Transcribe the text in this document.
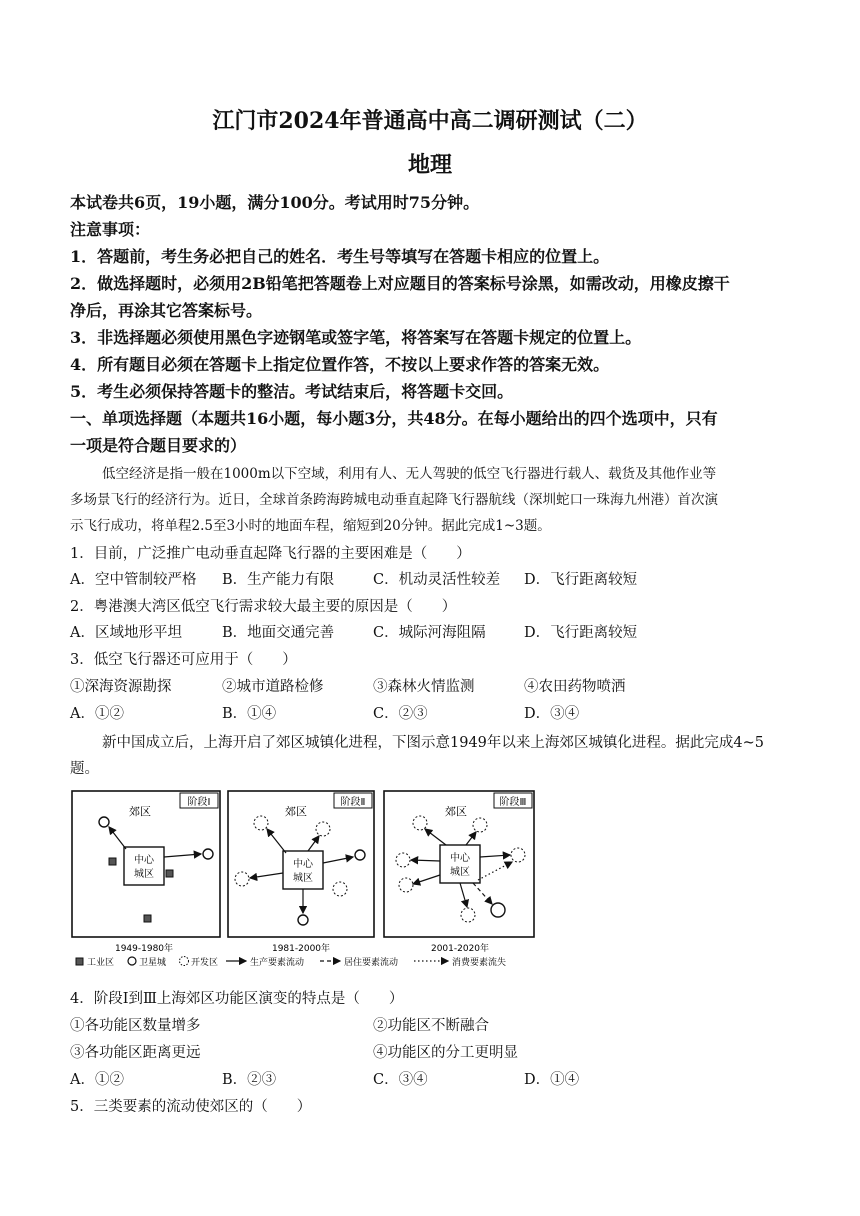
江门市2024年普通高中高二调研测试（二）
地理
本试卷共6页，19小题，满分100分。考试用时75分钟。
注意事项：
1．答题前，考生务必把自己的姓名．考生号等填写在答题卡相应的位置上。
2．做选择题时，必须用2B铅笔把答题卷上对应题目的答案标号涂黑，如需改动，用橡皮擦干
净后，再涂其它答案标号。
3．非选择题必须使用黑色字迹钢笔或签字笔，将答案写在答题卡规定的位置上。
4．所有题目必须在答题卡上指定位置作答，不按以上要求作答的答案无效。
5．考生必须保持答题卡的整洁。考试结束后，将答题卡交回。
一、单项选择题（本题共16小题，每小题3分，共48分。在每小题给出的四个选项中，只有
一项是符合题目要求的）
低空经济是指一般在1000m以下空域，利用有人、无人驾驶的低空飞行器进行载人、载货及其他作业等
多场景飞行的经济行为。近日，全球首条跨海跨城电动垂直起降飞行器航线（深圳蛇口一珠海九州港）首次演
示飞行成功，将单程2.5至3小时的地面车程，缩短到20分钟。据此完成1~3题。
1．目前，广泛推广电动垂直起降飞行器的主要困难是（　　）
A．空中管制较严格 B．生产能力有限	C．机动灵活性较差 D．飞行距离较短
2．粤港澳大湾区低空飞行需求较大最主要的原因是（　　）
A．区域地形平坦	B．地面交通完善	C．城际河海阻隔	D．飞行距离较短
3．低空飞行器还可应用于（　　）
①深海资源勘探	②城市道路检修	③森林火情监测	④农田药物喷洒
A．①②	B．①④	C．②③	D．③④
新中国成立后，上海开启了郊区城镇化进程，下图示意1949年以来上海郊区城镇化进程。据此完成4~5
题。
阶段Ⅰ
郊区
中心
城区
阶段Ⅱ
郊区
中心
城区
阶段Ⅲ
郊区
中心
城区
1949-1980年	1981-2000年	2001-2020年
工业区	卫星城	开发区	生产要素流动	居住要素流动	消费要素流失
4．阶段Ⅰ到Ⅲ上海郊区功能区演变的特点是（　　）
①各功能区数量增多	②功能区不断融合
③各功能区距离更远	④功能区的分工更明显
A．①②	B．②③	C．③④	D．①④
5．三类要素的流动使郊区的（　　）
